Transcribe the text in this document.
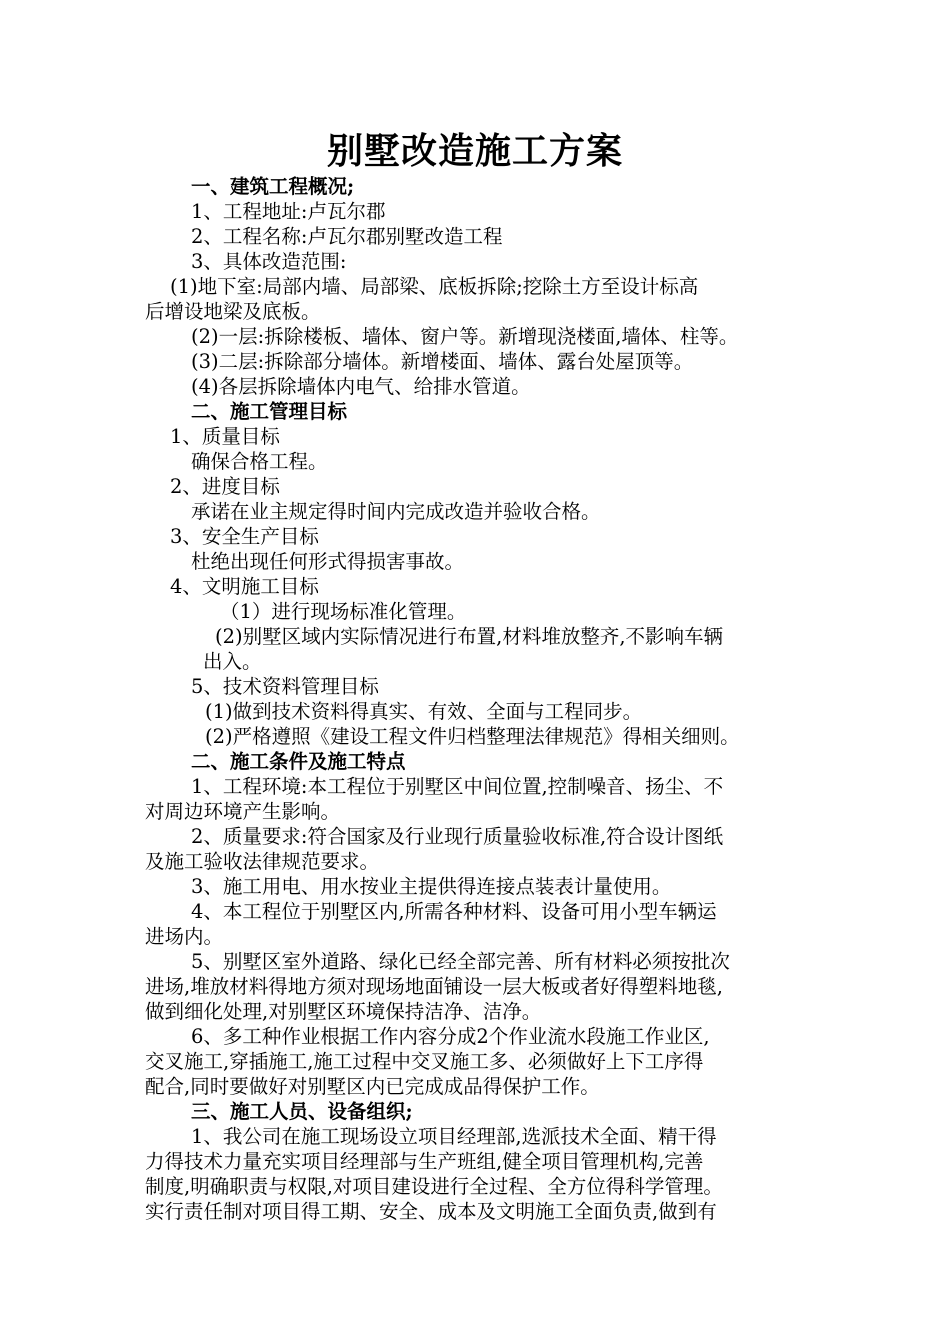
别墅改造施工方案
一、建筑工程概况;
1、工程地址:卢瓦尔郡
2、工程名称:卢瓦尔郡别墅改造工程
3、具体改造范围:
(1)地下室:局部内墙、局部梁、底板拆除;挖除土方至设计标高
后增设地梁及底板。
(2)一层:拆除楼板、墙体、窗户等。新增现浇楼面,墙体、柱等。
(3)二层:拆除部分墙体。新增楼面、墙体、露台处屋顶等。
(4)各层拆除墙体内电气、给排水管道。
二、施工管理目标
1、质量目标
确保合格工程。
2、进度目标
承诺在业主规定得时间内完成改造并验收合格。
3、安全生产目标
杜绝出现任何形式得损害事故。
4、文明施工目标
（1）进行现场标准化管理。
(2)别墅区域内实际情况进行布置,材料堆放整齐,不影响车辆
出入。
5、技术资料管理目标
(1)做到技术资料得真实、有效、全面与工程同步。
(2)严格遵照《建设工程文件归档整理法律规范》得相关细则。
二、施工条件及施工特点
1、工程环境:本工程位于别墅区中间位置,控制噪音、扬尘、不
对周边环境产生影响。
2、质量要求:符合国家及行业现行质量验收标准,符合设计图纸
及施工验收法律规范要求。
3、施工用电、用水按业主提供得连接点装表计量使用。
4、本工程位于别墅区内,所需各种材料、设备可用小型车辆运
进场内。
5、别墅区室外道路、绿化已经全部完善、所有材料必须按批次
进场,堆放材料得地方须对现场地面铺设一层大板或者好得塑料地毯,
做到细化处理,对别墅区环境保持洁净、洁净。
6、多工种作业根据工作内容分成2个作业流水段施工作业区,
交叉施工,穿插施工,施工过程中交叉施工多、必须做好上下工序得
配合,同时要做好对别墅区内已完成成品得保护工作。
三、施工人员、设备组织;
1、我公司在施工现场设立项目经理部,选派技术全面、精干得
力得技术力量充实项目经理部与生产班组,健全项目管理机构,完善
制度,明确职责与权限,对项目建设进行全过程、全方位得科学管理。
实行责任制对项目得工期、安全、成本及文明施工全面负责,做到有
